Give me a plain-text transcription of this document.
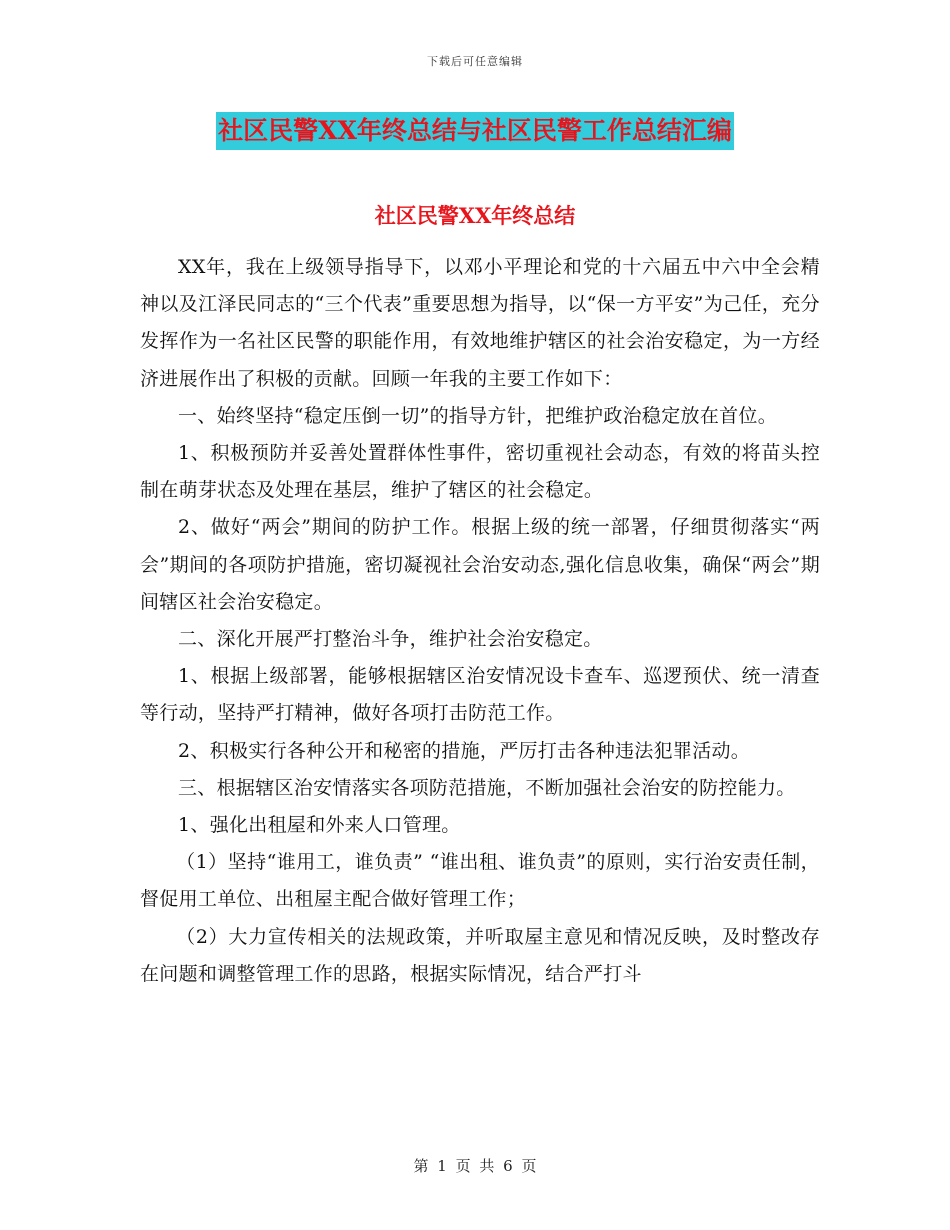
下载后可任意编辑
社区民警XX年终总结与社区民警工作总结汇编
社区民警XX年终总结

XX年，我在上级领导指导下，以邓小平理论和党的十六届五中六中全会精神以及江泽民同志的“三个代表”重要思想为指导，以“保一方平安”为己任，充分发挥作为一名社区民警的职能作用，有效地维护辖区的社会治安稳定，为一方经济进展作出了积极的贡献。回顾一年我的主要工作如下：

一、始终坚持“稳定压倒一切”的指导方针，把维护政治稳定放在首位。

1、积极预防并妥善处置群体性事件，密切重视社会动态，有效的将苗头控制在萌芽状态及处理在基层，维护了辖区的社会稳定。

2、做好“两会”期间的防护工作。根据上级的统一部署，仔细贯彻落实“两会”期间的各项防护措施，密切凝视社会治安动态,强化信息收集，确保“两会”期间辖区社会治安稳定。

二、深化开展严打整治斗争，维护社会治安稳定。

1、根据上级部署，能够根据辖区治安情况设卡查车、巡逻预伏、统一清查等行动，坚持严打精神，做好各项打击防范工作。

2、积极实行各种公开和秘密的措施，严厉打击各种违法犯罪活动。

三、根据辖区治安情落实各项防范措施，不断加强社会治安的防控能力。

1、强化出租屋和外来人口管理。

（1）坚持“谁用工，谁负责” “谁出租、谁负责”的原则，实行治安责任制，督促用工单位、出租屋主配合做好管理工作；

（2）大力宣传相关的法规政策，并听取屋主意见和情况反映，及时整改存在问题和调整管理工作的思路，根据实际情况，结合严打斗

第 1 页 共 6 页
